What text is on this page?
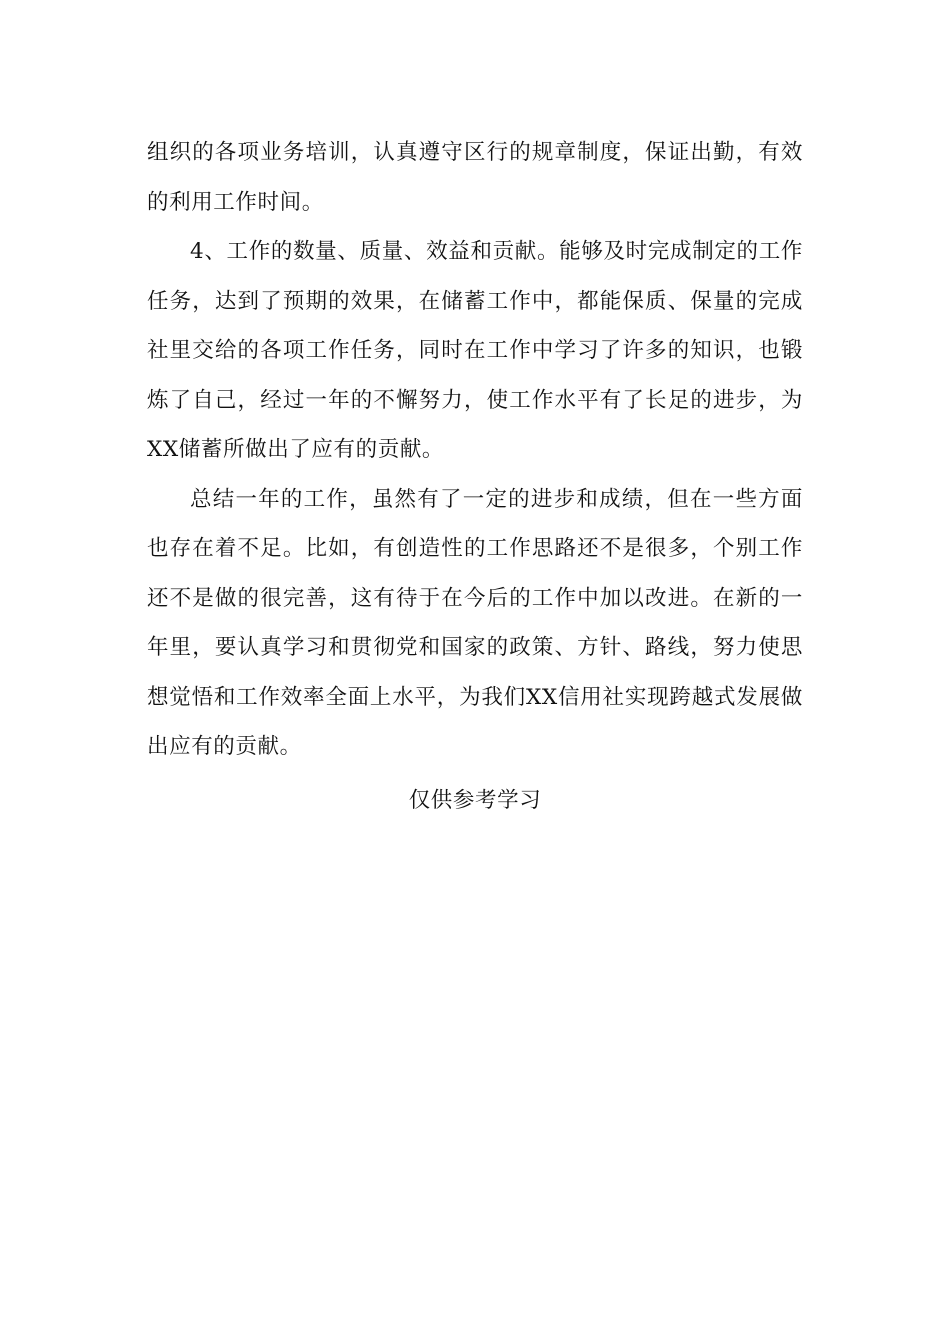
组织的各项业务培训，认真遵守区行的规章制度，保证出勤，有效的利用工作时间。

4、工作的数量、质量、效益和贡献。能够及时完成制定的工作任务，达到了预期的效果，在储蓄工作中，都能保质、保量的完成社里交给的各项工作任务，同时在工作中学习了许多的知识，也锻炼了自己，经过一年的不懈努力，使工作水平有了长足的进步，为XX储蓄所做出了应有的贡献。

总结一年的工作，虽然有了一定的进步和成绩，但在一些方面也存在着不足。比如，有创造性的工作思路还不是很多，个别工作还不是做的很完善，这有待于在今后的工作中加以改进。在新的一年里，要认真学习和贯彻党和国家的政策、方针、路线，努力使思想觉悟和工作效率全面上水平，为我们XX信用社实现跨越式发展做出应有的贡献。

仅供参考学习
